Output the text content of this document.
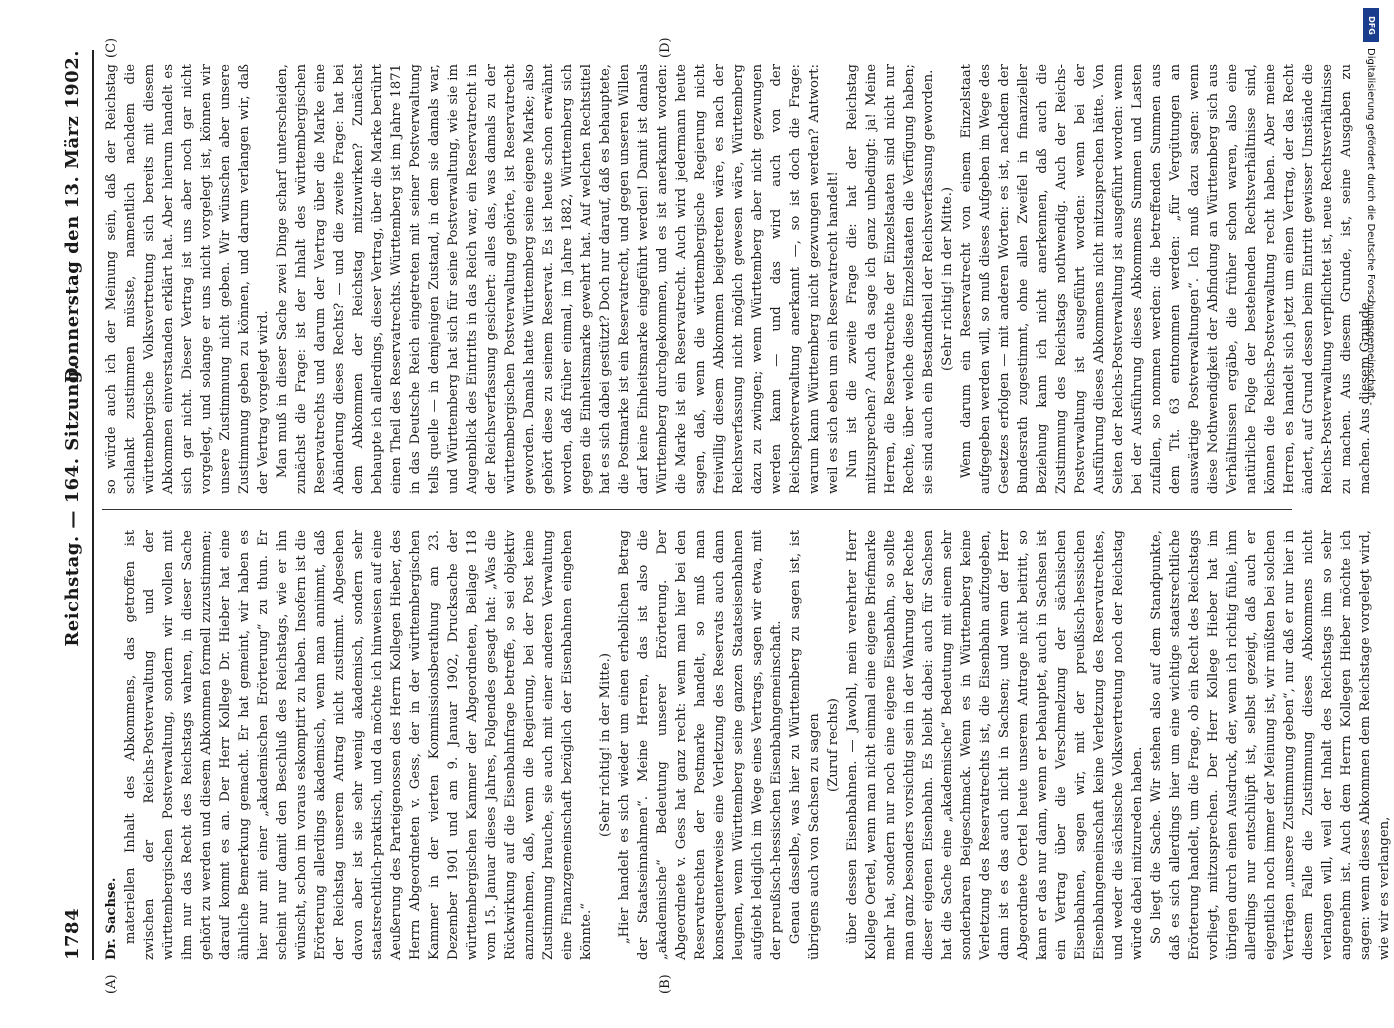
1784
Reichstag. — 164. Sitzung.
Donnerstag den 13. März 1902.
(A)	(B)
(C)	(D)

Dr. Sachse. materiellen Inhalt des Abkommens, das getroffen ist zwischen der Reichs-Postverwaltung und der württembergischen Postverwaltung, sondern wir wollen mit ihm nur das Recht des Reichstags wahren, in dieser Sache gehört zu werden und diesem Abkommen formell zuzustimmen; darauf kommt es an. Der Herr Kollege Dr. Hieber hat eine ähnliche Bemerkung gemacht. Er hat gemeint, wir haben es hier nur mit einer „akademischen Erörterung“ zu thun. Er scheint nur damit den Beschluß des Reichstags, wie er ihn wünscht, schon im voraus eskomptirt zu haben. Insofern ist die Erörterung allerdings akademisch, wenn man annimmt, daß der Reichstag unserem Antrag nicht zustimmt. Abgesehen davon aber ist sie sehr wenig akademisch, sondern sehr staatsrechtlich-praktisch, und da möchte ich hinweisen auf eine Aeußerung des Parteigenossen des Herrn Kollegen Hieber, des Herrn Abgeordneten v. Gess, der in der württembergischen Kammer in der vierten Kommissionsberathung am 23. Dezember 1901 und am 9. Januar 1902, Drucksache der württembergischen Kammer der Abgeordneten, Beilage 118 vom 15. Januar dieses Jahres, Folgendes gesagt hat: „Was die Rückwirkung auf die Eisenbahnfrage betreffe, so sei objektiv anzunehmen, daß, wenn die Regierung, bei der Post keine Zustimmung brauche, sie auch mit einer anderen Verwaltung eine Finanzgemeinschaft bezüglich der Eisenbahnen eingehen könnte.“

(Sehr richtig! in der Mitte.) „Hier handelt es sich wieder um einen erheblichen Betrag der Staatseinnahmen“. Meine Herren, das ist also die „akademische“ Bedeutung unserer Erörterung. Der Abgeordnete v. Gess hat ganz recht: wenn man hier bei den Reservatrechten der Postmarke handelt, so muß man konsequenterweise eine Verletzung des Reservats auch dann leugnen, wenn Württemberg seine ganzen Staatseisenbahnen aufgiebt lediglich im Wege eines Vertrags, sagen wir etwa, mit der preußisch-hessischen Eisenbahngemeinschaft. Genau dasselbe, was hier zu Württemberg zu sagen ist, ist übrigens auch von Sachsen zu sagen (Zuruf rechts) über dessen Eisenbahnen. — Jawohl, mein verehrter Herr Kollege Oertel, wenn man nicht einmal eine eigene Briefmarke mehr hat, sondern nur noch eine eigene Eisenbahn, so sollte man ganz besonders vorsichtig sein in der Wahrung der Rechte dieser eigenen Eisenbahn. Es bleibt dabei: auch für Sachsen hat die Sache eine „akademische“ Bedeutung mit einem sehr sonderbaren Beigeschmack. Wenn es in Württemberg keine Verletzung des Reservatrechts ist, die Eisenbahn aufzugeben, dann ist es das auch nicht in Sachsen; und wenn der Herr Abgeordnete Oertel heute unserem Antrage nicht beitritt, so kann er das nur dann, wenn er behauptet, auch in Sachsen ist ein Vertrag über die Verschmelzung der sächsischen Eisenbahnen, sagen wir, mit der preußisch-hessischen Eisenbahngemeinschaft keine Verletzung des Reservatrechtes, und weder die sächsische Volksvertretung noch der Reichstag würde dabei mitzureden haben. So liegt die Sache. Wir stehen also auf dem Standpunkte, daß es sich allerdings hier um eine wichtige staatsrechtliche Erörterung handelt, um die Frage, ob ein Recht des Reichstags vorliegt, mitzusprechen. Der Herr Kollege Hieber hat im übrigen durch einen Ausdruck, der, wenn ich richtig fühle, ihm allerdings nur entschlüpft ist, selbst gezeigt, daß auch er eigentlich noch immer der Meinung ist, wir müßten bei solchen Verträgen „unsere Zustimmung geben“, nur daß er nur hier in diesem Falle die Zustimmung dieses Abkommens nicht verlangen will, weil der Inhalt des Reichstags ihm so sehr angenehm ist. Auch dem Herrn Kollegen Hieber möchte ich sagen: wenn dieses Abkommen dem Reichstage vorgelegt wird, wie wir es verlangen,

so würde auch ich der Meinung sein, daß der Reichstag schlankt zustimmen müsste, namentlich nachdem die württembergische Volksvertretung sich bereits mit diesem Abkommen einverstanden erklärt hat. Aber hierum handelt es sich gar nicht. Dieser Vertrag ist uns aber noch gar nicht vorgelegt, und solange er uns nicht vorgelegt ist, können wir unsere Zustimmung nicht geben. Wir wünschen aber unsere Zustimmung geben zu können, und darum verlangen wir, daß der Vertrag vorgelegt wird. Man muß in dieser Sache zwei Dinge scharf unterscheiden, zunächst die Frage: ist der Inhalt des württembergischen Reservatrechts und darum der Vertrag über die Marke eine Abänderung dieses Rechts? — und die zweite Frage: hat bei dem Abkommen der Reichstag mitzuwirken? Zunächst behaupte ich allerdings, dieser Vertrag, über die Marke berührt einen Theil des Reservatrechts. Württemberg ist im Jahre 1871 in das Deutsche Reich eingetreten mit seiner Postverwaltung tells quelle — in demjenigen Zustand, in dem sie damals war, und Württemberg hat sich für seine Postverwaltung, wie sie im Augenblick des Eintritts in das Reich war, ein Reservatrecht in der Reichsverfassung gesichert: alles das, was damals zu der württembergischen Postverwaltung gehörte, ist Reservatrecht geworden. Damals hatte Württemberg seine eigene Marke; also gehört diese zu seinem Reservat. Es ist heute schon erwähnt worden, daß früher einmal, im Jahre 1882, Württemberg sich gegen die Einheitsmarke gewehrt hat. Auf welchen Rechtstitel hat es sich dabei gestützt? Doch nur darauf, daß es behauptete, die Postmarke ist ein Reservatrecht, und gegen unseren Willen darf keine Einheitsmarke eingeführt werden! Damit ist damals Württemberg durchgekommen, und es ist anerkannt worden: die Marke ist ein Reservatrecht. Auch wird jedermann heute sagen, daß, wenn die württembergische Regierung nicht freiwillig diesem Abkommen beigetreten wäre, es nach der Reichsverfassung nicht möglich gewesen wäre, Württemberg dazu zu zwingen; wenn Württemberg aber nicht gezwungen werden kann — und das wird auch von der Reichspostverwaltung anerkannt —, so ist doch die Frage: warum kann Württemberg nicht gezwungen werden? Antwort: weil es sich eben um ein Reservatrecht handelt! Nun ist die zweite Frage die: hat der Reichstag mitzusprechen? Auch da sage ich ganz unbedingt: ja! Meine Herren, die Reservatrechte der Einzelstaaten sind nicht nur Rechte, über welche diese Einzelstaaten die Verfügung haben; sie sind auch ein Bestandtheil der Reichsverfassung geworden. (Sehr richtig! in der Mitte.) Wenn darum ein Reservatrecht von einem Einzelstaat aufgegeben werden will, so muß dieses Aufgeben im Wege des Gesetzes erfolgen — mit anderen Worten: es ist, nachdem der Bundesrath zugestimmt, ohne allen Zweifel in finanzieller Beziehung kann ich nicht anerkennen, daß auch die Zustimmung des Reichstags nothwendig. Auch der Reichs-Postverwaltung ist ausgeführt worden: wenn bei der Ausführung dieses Abkommens nicht mitzusprechen hätte. Von Seiten der Reichs-Postverwaltung ist ausgeführt worden: wenn bei der Ausführung dieses Abkommens Summen und Lasten zufallen, so nommen werden: die betreffenden Summen aus dem Tit. 63 entnommen werden: „für Vergütungen an auswärtige Postverwaltungen“. Ich muß dazu sagen: wenn diese Nothwendigkeit der Abfindung an Württemberg sich aus Verhältnissen ergäbe, die früher schon waren, also eine natürliche Folge der bestehenden Rechtsverhältnisse sind, können die Reichs-Postverwaltung recht haben. Aber meine Herren, es handelt sich jetzt um einen Vertrag, der das Recht ändert, auf Grund dessen beim Eintritt gewisser Umstände die Reichs-Postverwaltung verpflichtet ist, neue Rechtsverhältnisse zu machen. Aus diesem Grunde, ist, seine Ausgaben zu machen. Aus diesem Grunde,

Digitalisierung gefördert durch die Deutsche Forschungsgemeinschaft -
DFG
